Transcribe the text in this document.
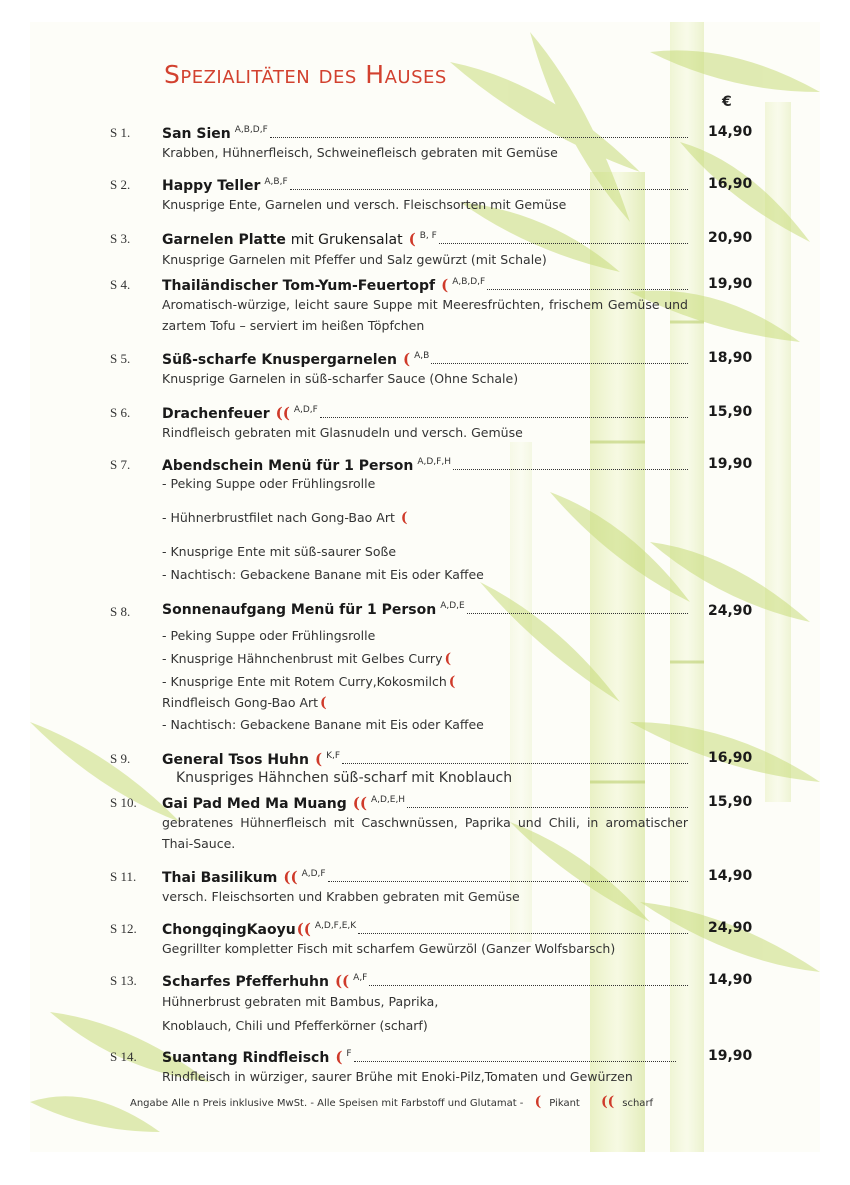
Spezialitäten des Hauses
€
S 1. San Sien A,B,D,F	14,90
Krabben, Hühnerfleisch, Schweinefleisch gebraten mit Gemüse
S 2. Happy Teller A,B,F	16,90
Knusprige Ente, Garnelen und versch. Fleischsorten mit Gemüse
S 3. Garnelen Platte mit Grukensalat ( B, F	20,90
Knusprige Garnelen mit Pfeffer und Salz gewürzt (mit Schale)
S 4. Thailändischer Tom-Yum-Feuertopf ( A,B,D,F	19,90
Aromatisch-würzige, leicht saure Suppe mit Meeresfrüchten, frischem Gemüse und zartem Tofu – serviert im heißen Töpfchen
S 5. Süß-scharfe Knuspergarnelen ( A,B	18,90
Knusprige Garnelen in süß-scharfer Sauce (Ohne Schale)
S 6. Drachenfeuer (( A,D,F	15,90
Rindfleisch gebraten mit Glasnudeln und versch. Gemüse
S 7. Abendschein Menü für 1 Person A,D,F,H	19,90
- Peking Suppe oder Frühlingsrolle
- Hühnerbrustfilet nach Gong-Bao Art (
- Knusprige Ente mit süß-saurer Soße
- Nachtisch: Gebackene Banane mit Eis oder Kaffee
S 8. Sonnenaufgang Menü für 1 Person A,D,E	24,90
- Peking Suppe oder Frühlingsrolle
- Knusprige Hähnchenbrust mit Gelbes Curry (
- Knusprige Ente mit Rotem Curry,Kokosmilch (
Rindfleisch Gong-Bao Art (
- Nachtisch: Gebackene Banane mit Eis oder Kaffee
S 9. General Tsos Huhn ( K,F	16,90
Knuspriges Hähnchen süß-scharf mit Knoblauch
S 10. Gai Pad Med Ma Muang (( A,D,E,H	15,90
gebratenes Hühnerfleisch mit Caschwnüssen, Paprika und Chili, in aromatischer Thai-Sauce.
S 11. Thai Basilikum (( A,D,F	14,90
versch. Fleischsorten und Krabben gebraten mit Gemüse
S 12. ChongqingKaoyu (( A,D,F,E,K	24,90
Gegrillter kompletter Fisch mit scharfem Gewürzöl (Ganzer Wolfsbarsch)
S 13. Scharfes Pfefferhuhn (( A,F	14,90
Hühnerbrust gebraten mit Bambus, Paprika, Knoblauch, Chili und Pfefferkörner (scharf)
S 14. Suantang Rindfleisch ( F	19,90
Rindfleisch in würziger, saurer Brühe mit Enoki-Pilz,Tomaten und Gewürzen
Angabe Alle n Preis inklusive MwSt. - Alle Speisen mit Farbstoff und Glutamat - ( Pikant (( scharf
